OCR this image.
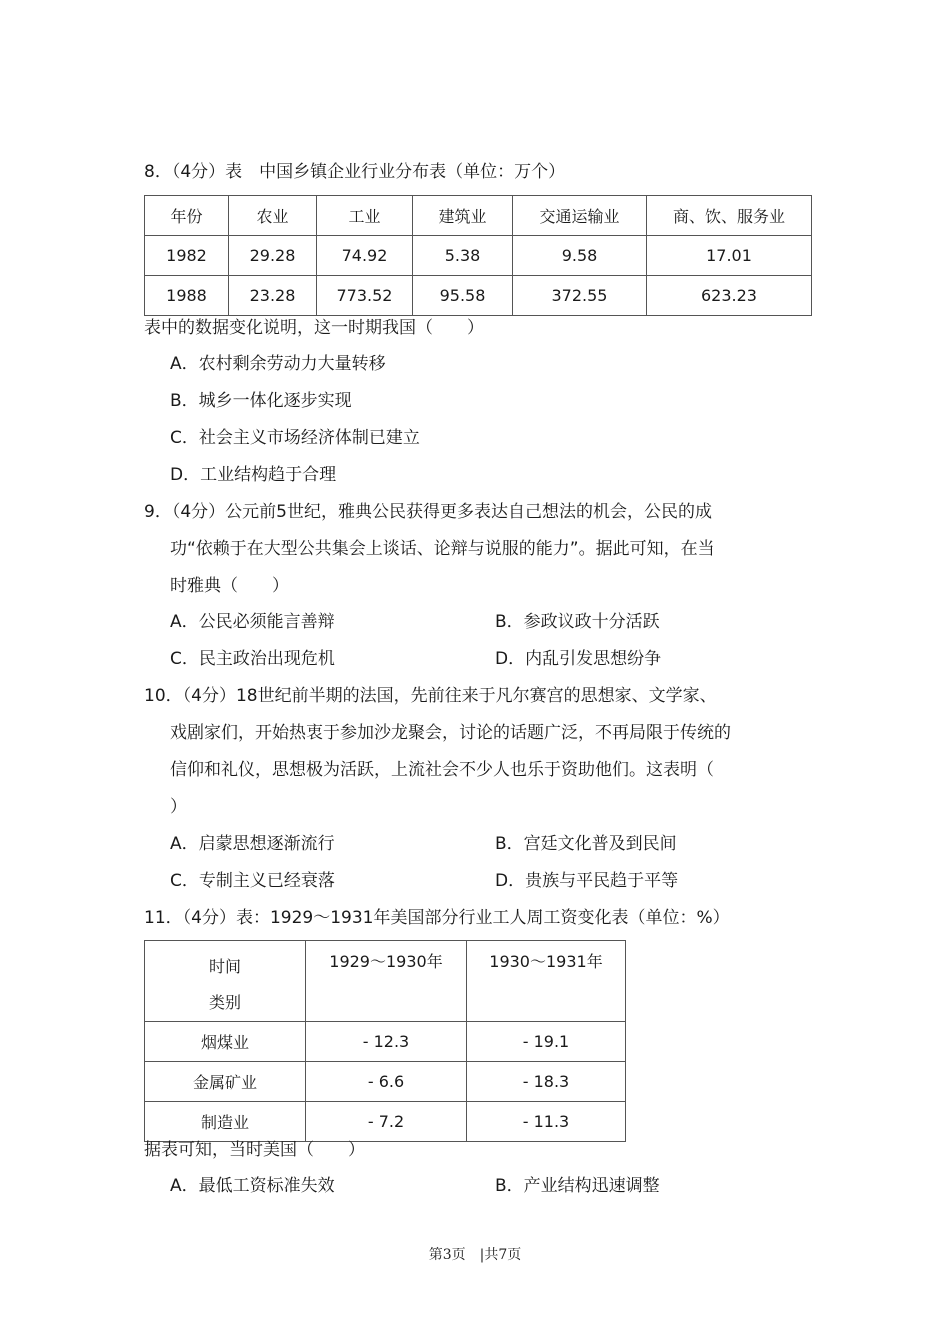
8．（4分）表　中国乡镇企业行业分布表（单位：万个）
年份	农业	工业	建筑业	交通运输业	商、饮、服务业
1982	29.28	74.92	5.38	9.58	17.01
1988	23.28	773.52	95.58	372.55	623.23
表中的数据变化说明，这一时期我国（　　）
A．农村剩余劳动力大量转移
B．城乡一体化逐步实现
C．社会主义市场经济体制已建立
D．工业结构趋于合理
9．（4分）公元前5世纪，雅典公民获得更多表达自己想法的机会，公民的成
功“依赖于在大型公共集会上谈话、论辩与说服的能力”。据此可知，在当
时雅典（　　）
A．公民必须能言善辩	B．参政议政十分活跃
C．民主政治出现危机	D．内乱引发思想纷争
10．（4分）18世纪前半期的法国，先前往来于凡尔赛宫的思想家、文学家、
戏剧家们，开始热衷于参加沙龙聚会，讨论的话题广泛，不再局限于传统的
信仰和礼仪，思想极为活跃，上流社会不少人也乐于资助他们。这表明（
）
A．启蒙思想逐渐流行	B．宫廷文化普及到民间
C．专制主义已经衰落	D．贵族与平民趋于平等
11．（4分）表：1929～1931年美国部分行业工人周工资变化表（单位：%）
时间
类别	1929～1930年	1930～1931年
烟煤业	- 12.3	- 19.1
金属矿业	- 6.6	- 18.3
制造业	- 7.2	- 11.3
据表可知，当时美国（　　）
A．最低工资标准失效	B．产业结构迅速调整
第3页　|共7页
